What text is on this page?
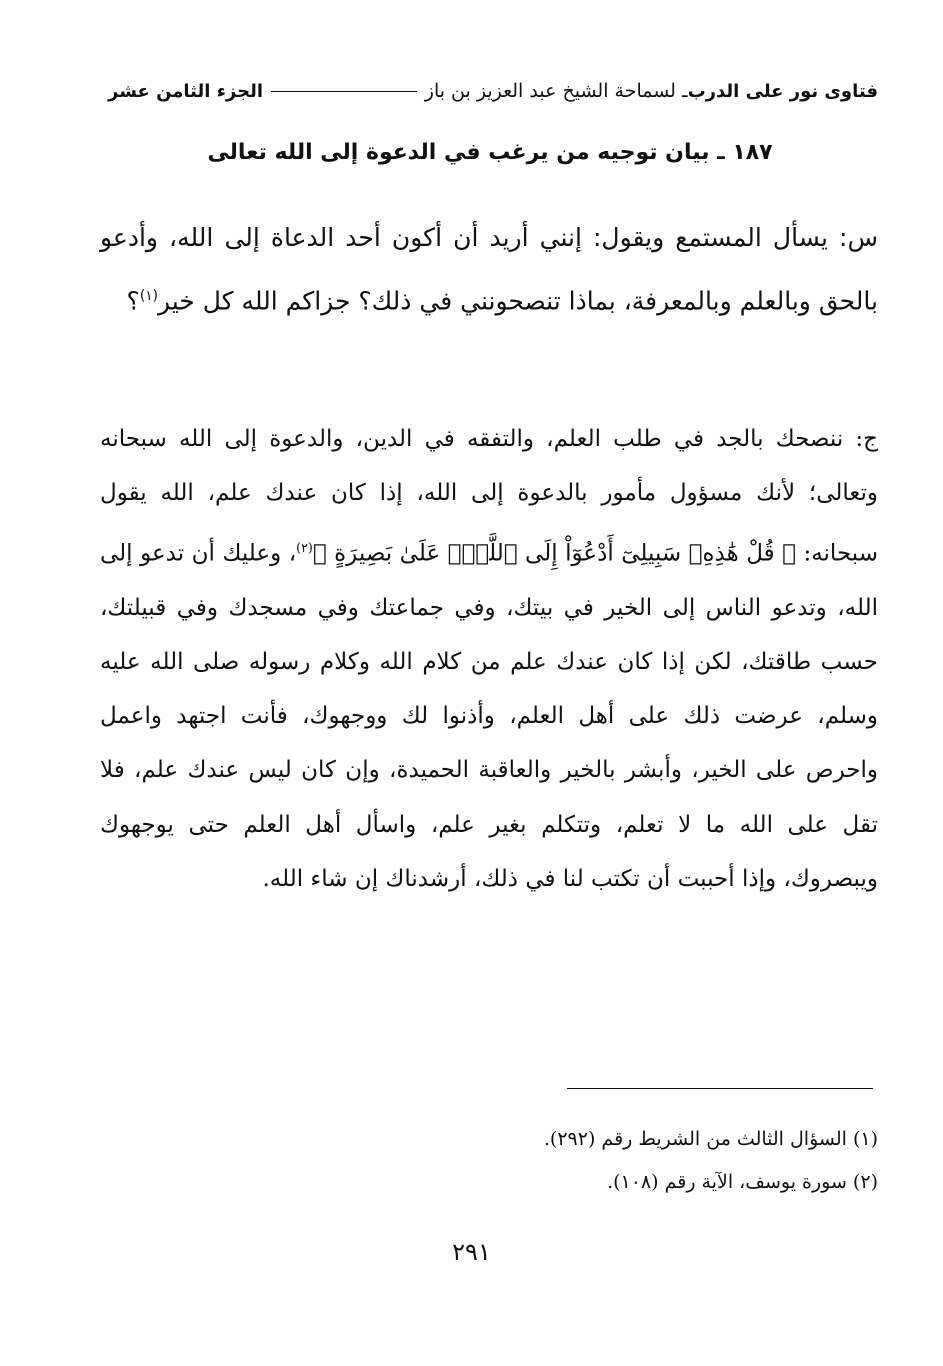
فتاوى نور على الدرب
ـ لسماحة الشيخ عبد العزيز بن باز
الجزء الثامن عشر
١٨٧ ـ بيان توجيه من يرغب في الدعوة إلى الله تعالى
س: يسأل المستمع ويقول: إنني أريد أن أكون أحد الدعاة إلى الله، وأدعو بالحق وبالعلم وبالمعرفة، بماذا تنصحونني في ذلك؟ جزاكم الله كل خير$^{(١)}$؟

ج: ننصحك بالجد في طلب العلم، والتفقه في الدين، والدعوة إلى الله سبحانه وتعالى؛ لأنك مسؤول مأمور بالدعوة إلى الله، إذا كان عندك علم، الله يقول سبحانه: ﴿ قُلْ هَٰذِهِۦ سَبِيلِىٓ أَدْعُوٓاْ إِلَى ٱللَّهِۚ عَلَىٰ بَصِيرَةٍ ﴾$^{(٢)}$، وعليك أن تدعو إلى الله، وتدعو الناس إلى الخير في بيتك، وفي جماعتك وفي مسجدك وفي قبيلتك، حسب طاقتك، لكن إذا كان عندك علم من كلام الله وكلام رسوله صلى الله عليه وسلم، عرضت ذلك على أهل العلم، وأذنوا لك ووجهوك، فأنت اجتهد واعمل واحرص على الخير، وأبشر بالخير والعاقبة الحميدة، وإن كان ليس عندك علم، فلا تقل على الله ما لا تعلم، وتتكلم بغير علم، واسأل أهل العلم حتى يوجهوك ويبصروك، وإذا أحببت أن تكتب لنا في ذلك، أرشدناك إن شاء الله.

(١) السؤال الثالث من الشريط رقم (٢٩٢).
(٢) سورة يوسف، الآية رقم (١٠٨).
٢٩١
